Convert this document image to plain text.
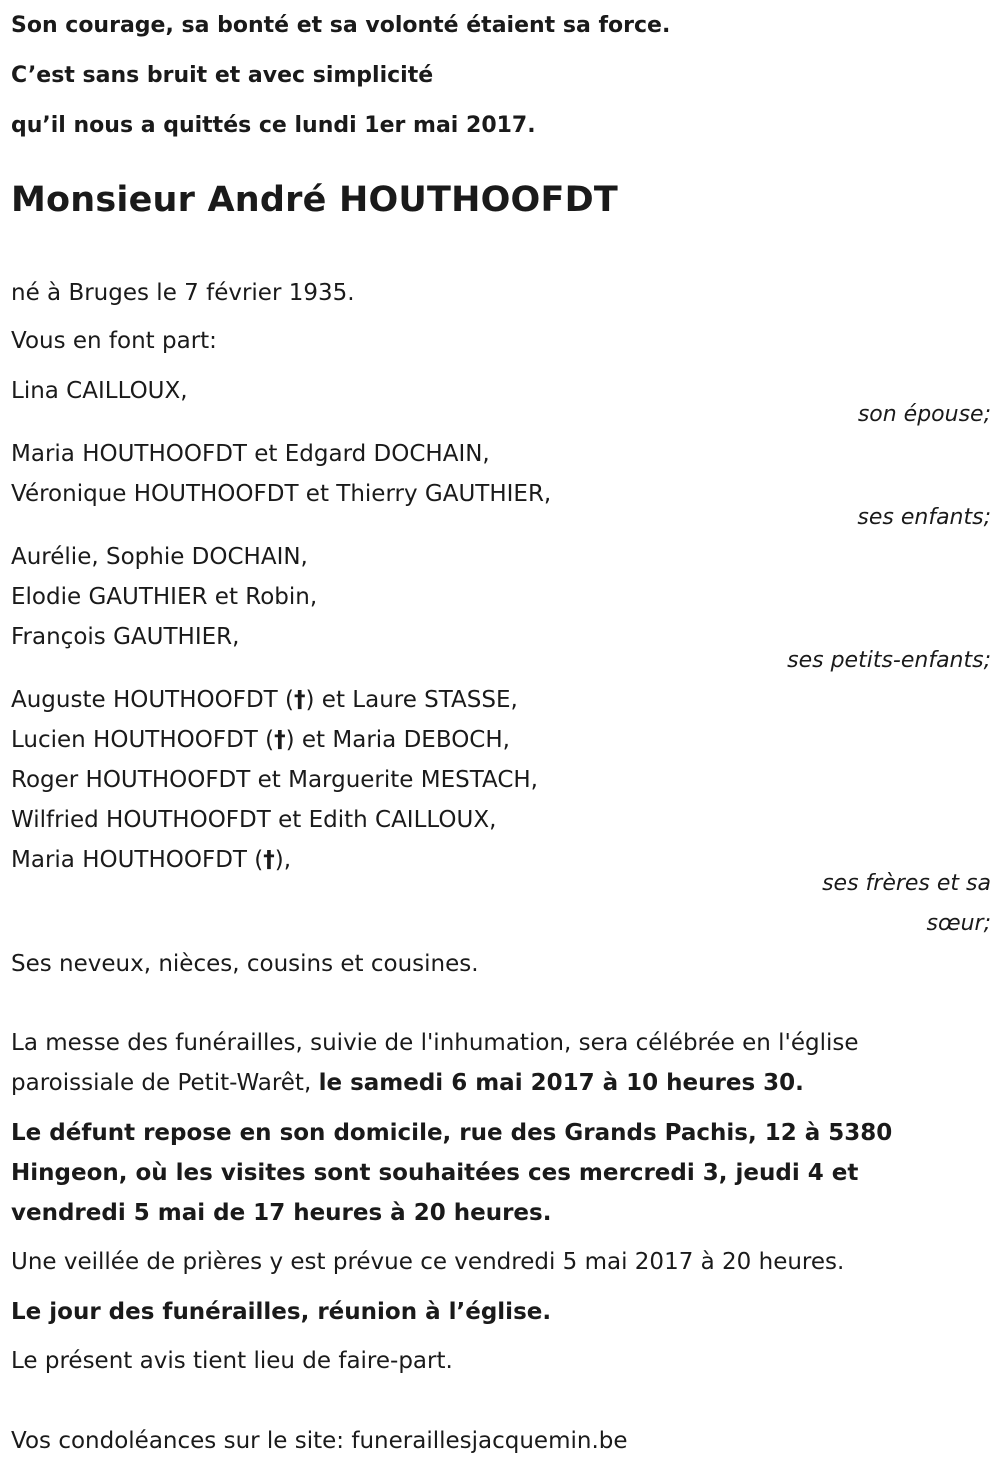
Son courage, sa bonté et sa volonté étaient sa force.

C’est sans bruit et avec simplicité

qu’il nous a quittés ce lundi 1er mai 2017.

Monsieur André HOUTHOOFDT
né à Bruges le 7 février 1935.
Vous en font part:
Lina CAILLOUX,
son épouse;
Maria HOUTHOOFDT et Edgard DOCHAIN,
Véronique HOUTHOOFDT et Thierry GAUTHIER,
ses enfants;
Aurélie, Sophie DOCHAIN,
Elodie GAUTHIER et Robin,
François GAUTHIER,
ses petits-enfants;
Auguste HOUTHOOFDT (†) et Laure STASSE,
Lucien HOUTHOOFDT (†) et Maria DEBOCH,
Roger HOUTHOOFDT et Marguerite MESTACH,
Wilfried HOUTHOOFDT et Edith CAILLOUX,
Maria HOUTHOOFDT (†),
ses frères et sa
sœur;
Ses neveux, nièces, cousins et cousines.
La messe des funérailles, suivie de l'inhumation, sera célébrée en l'église
paroissiale de Petit-Warêt, le samedi 6 mai 2017 à 10 heures 30.
Le défunt repose en son domicile, rue des Grands Pachis, 12 à 5380
Hingeon, où les visites sont souhaitées ces mercredi 3, jeudi 4 et
vendredi 5 mai de 17 heures à 20 heures.
Une veillée de prières y est prévue ce vendredi 5 mai 2017 à 20 heures.
Le jour des funérailles, réunion à l’église.
Le présent avis tient lieu de faire-part.
Vos condoléances sur le site: funeraillesjacquemin.be
